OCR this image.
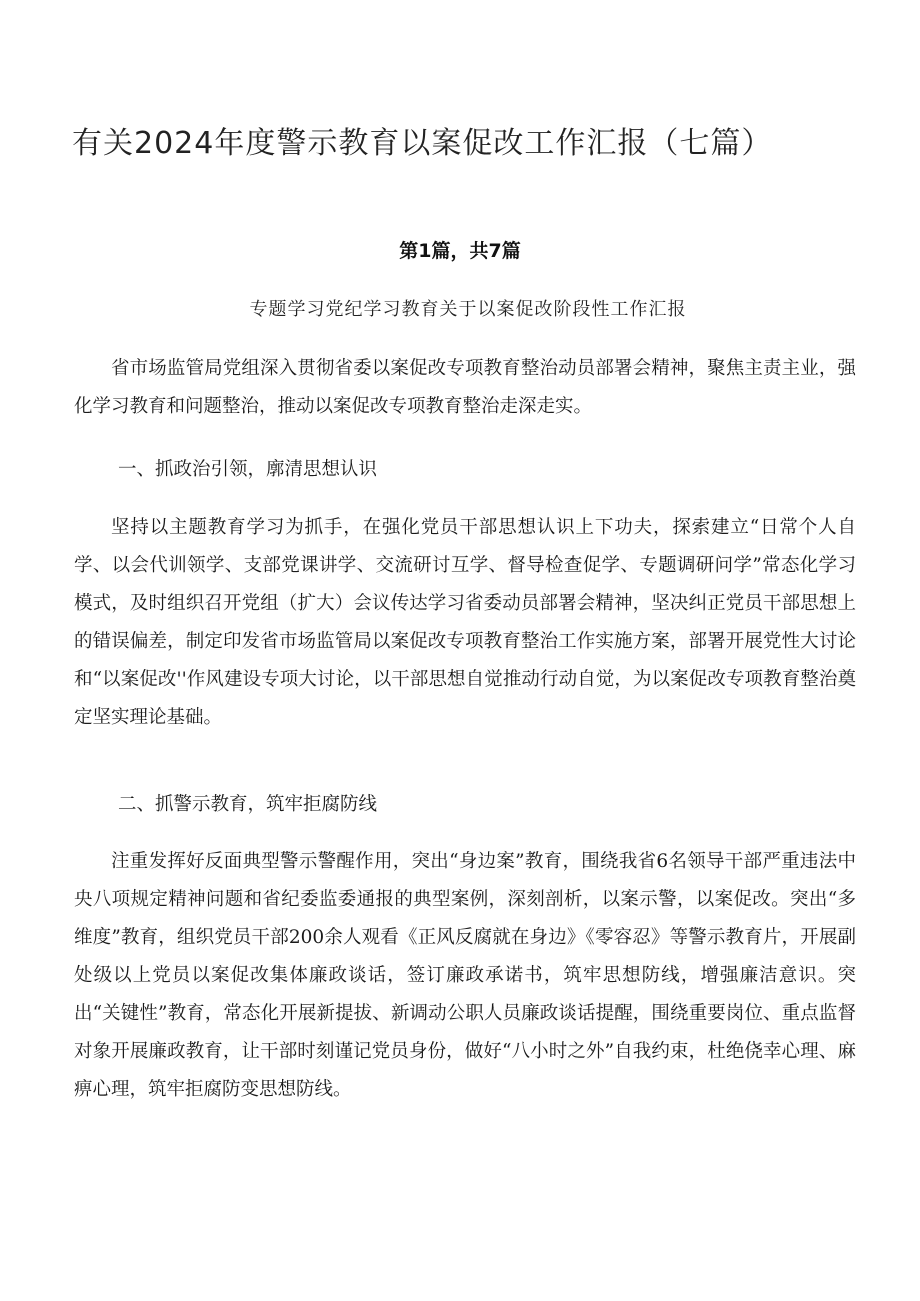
有关2024年度警示教育以案促改工作汇报（七篇）
第1篇，共7篇
专题学习党纪学习教育关于以案促改阶段性工作汇报

省市场监管局党组深入贯彻省委以案促改专项教育整治动员部署会精神，聚焦主责主业，强化学习教育和问题整治，推动以案促改专项教育整治走深走实。

一、抓政治引领，廓清思想认识

坚持以主题教育学习为抓手，在强化党员干部思想认识上下功夫，探索建立“日常个人自学、以会代训领学、支部党课讲学、交流研讨互学、督导检查促学、专题调研问学”常态化学习模式，及时组织召开党组（扩大）会议传达学习省委动员部署会精神，坚决纠正党员干部思想上的错误偏差，制定印发省市场监管局以案促改专项教育整治工作实施方案，部署开展党性大讨论和“以案促改''作风建设专项大讨论，以干部思想自觉推动行动自觉，为以案促改专项教育整治奠定坚实理论基础。

二、抓警示教育，筑牢拒腐防线

注重发挥好反面典型警示警醒作用，突出“身边案”教育，围绕我省6名领导干部严重违法中央八项规定精神问题和省纪委监委通报的典型案例，深刻剖析，以案示警，以案促改。突出“多维度”教育，组织党员干部200余人观看《正风反腐就在身边》《零容忍》等警示教育片，开展副处级以上党员以案促改集体廉政谈话，签订廉政承诺书，筑牢思想防线，增强廉洁意识。突出“关键性”教育，常态化开展新提拔、新调动公职人员廉政谈话提醒，围绕重要岗位、重点监督对象开展廉政教育，让干部时刻谨记党员身份，做好“八小时之外”自我约束，杜绝侥幸心理、麻痹心理，筑牢拒腐防变思想防线。
